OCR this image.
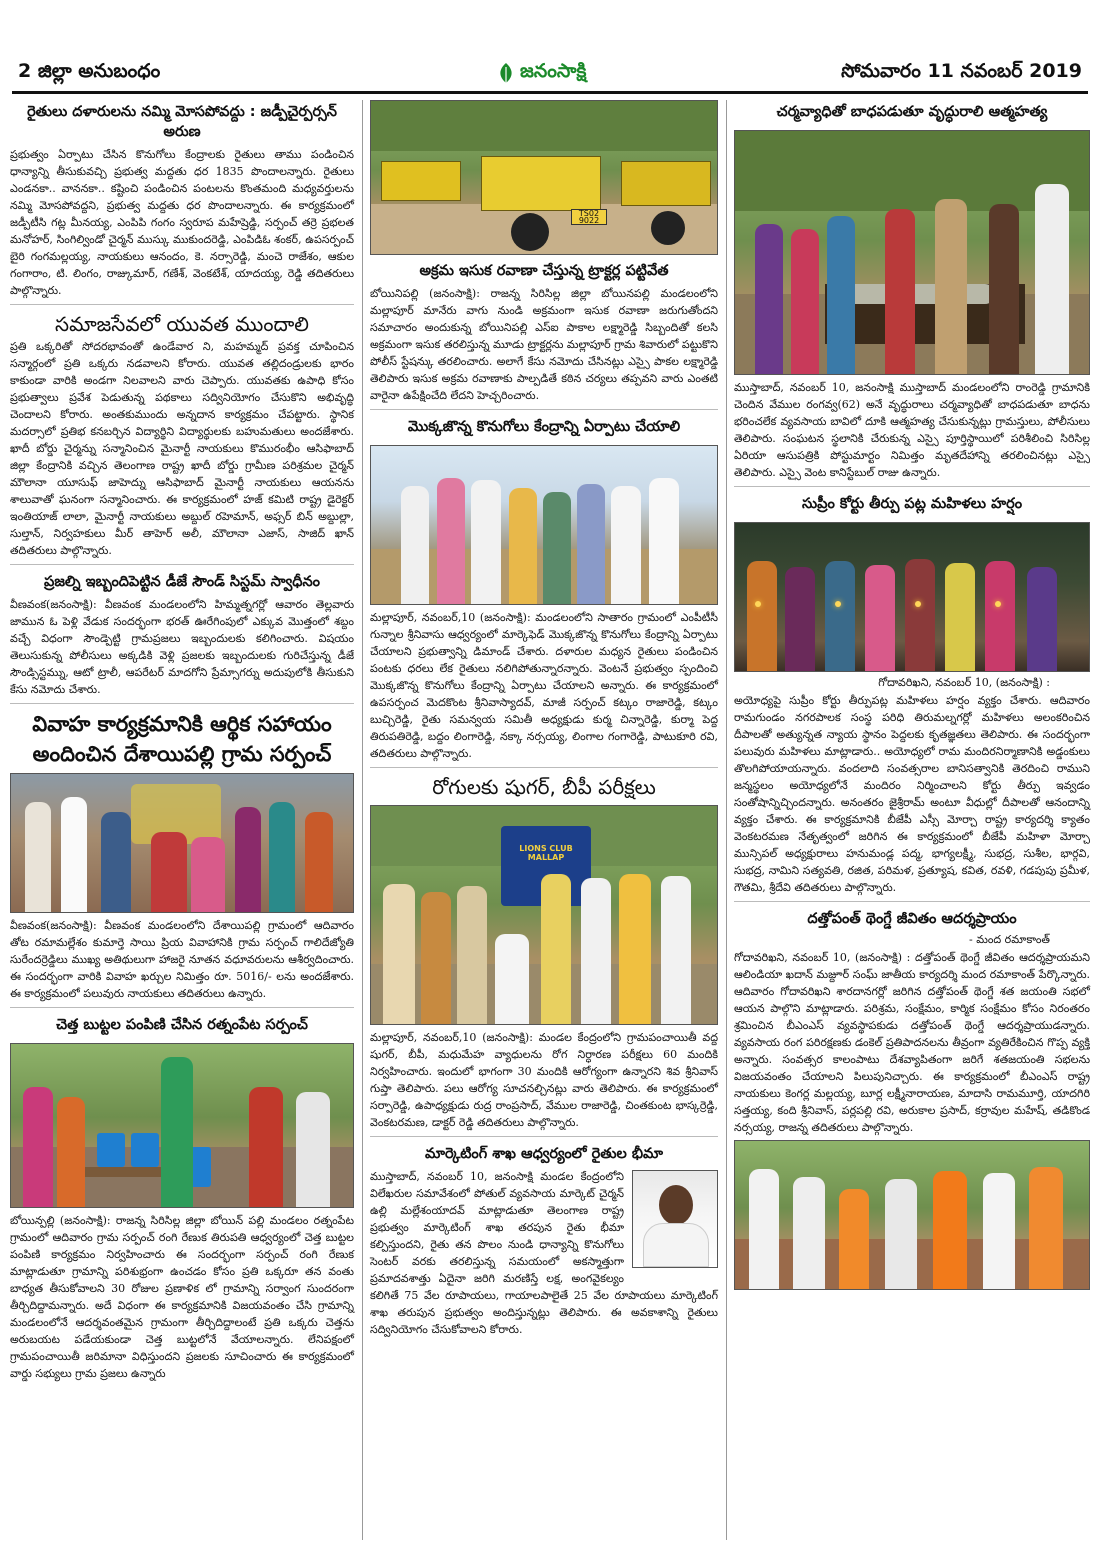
2 జిల్లా అనుబంధం	జనంసాక్షి	సోమవారం 11 నవంబర్ 2019
రైతులు దళారులను నమ్మి మోసపోవద్దు : జడ్పీచైర్పర్సన్ అరుణ
ప్రభుత్వం ఏర్పాటు చేసిన కొనుగోలు కేంద్రాలకు రైతులు తాము పండించిన ధాన్యాన్ని తీసుకువచ్చి ప్రభుత్వ మద్దతు ధర 1835 పొందాలన్నారు. రైతులు ఎండనకా.. వాననకా.. కష్టించి పండించిన పంటలను కొంతమంది మధ్యవర్తులను నమ్మి మోసపోవద్దని, ప్రభుత్వ మద్దతు ధర పొందాలన్నారు. ఈ కార్యక్రమంలో జడ్పీటీసి గట్ల మీనయ్య, ఎంపిపి గంగం స్వరూప మహేష్రెడ్డి, సర్పంచ్ తర్రె ప్రభలత మనోహర్, సింగిల్విండో చైర్మన్ ముస్కు ముకుందరెడ్డి, ఎంపిడిఓ శంకర్, ఉపసర్పంచ్ బైరి గంగమల్లయ్య, నాయకులు ఆనందం, కె. నర్సారెడ్డి, మంచె రాజేశం, ఆకుల గంగారాం, టి. లింగం, రాజ్కుమార్, గణేశ్, వెంకటేశ్, యాదయ్య, రెడ్డి తదితరులు పాల్గొన్నారు.
సమాజసేవలో యువత ముందాలి
ప్రతి ఒక్కరితో సోదరభావంతో ఉండేవార ని, మహమ్మద్ ప్రవక్త చూపించిన సన్మార్గంలో ప్రతి ఒక్కరు నడవాలని కోరారు. యువత తల్లిదండ్రులకు భారం కాకుండా వారికి అండగా నిలవాలని వారు చెప్పారు. యువతకు ఉపాధి కోసం ప్రభుత్వాలు ప్రవేశ పెడుతున్న పథకాలు సద్వినియోగం చేసుకొని అభివృద్ధి చెందాలని కోరారు. అంతకుముందు అన్నదాన కార్యక్రమం చేపట్టారు. స్థానిక మదర్సాలో ప్రతిభ కనబర్చిన విద్యార్థిని విద్యార్థులకు బహుమతులు అందజేశారు. ఖాదీ బోర్డు చైర్మన్ను సన్మానించిన మైనార్టీ నాయకులు కొమురంభీం ఆసిఫాబాద్ జిల్లా కేంద్రానికి వచ్చిన తెలంగాణ రాష్ట్ర ఖాదీ బోర్డు గ్రామీణ పరిశ్రమల చైర్మన్ మౌలానా యూసుఫ్ జాహెద్ను ఆసిఫాబాద్ మైనార్టీ నాయకులు ఆయనను శాలువాతో ఘనంగా సన్మానించారు. ఈ కార్యక్రమంలో హజ్ కమిటి రాష్ట్ర డైరెక్టర్ ఇంతియాజ్ లాలా, మైనార్టీ నాయకులు అబ్దుల్ రహెమాన్, అఫ్సర్ బిన్ అబ్దుల్లా, సుల్తాన్, నిర్వహకులు మీర్ తాహెర్ అలీ, మౌలానా ఎజాస్, సాజిద్ ఖాన్ తదితరులు పాల్గొన్నారు.
ప్రజల్ని ఇబ్బందిపెట్టిన డీజే సౌండ్ సిస్టమ్ స్వాధీనం
వీణవంక(జనంసాక్షి): వీణవంక మండలంలోని హిమ్మత్నగర్లో ఆవారం తెల్లవారు జామున ఓ పెళ్లి వేడుక సందర్భంగా భరత్ ఊరేగింపులో ఎక్కువ మొత్తంలో శబ్దం వచ్చే విధంగా సౌండ్పెట్టి గ్రామప్రజలు ఇబ్బందులకు కలిగించారు. విషయం తెలుసుకున్న పోలీసులు అక్కడికి వెళ్లి ప్రజలకు ఇబ్బందులకు గురిచేస్తున్న డీజే సౌండ్సిస్టమ్ను, ఆటో ట్రాలీ, ఆపరేటర్ మాదగోని ప్రేమ్సాగర్ను అదుపులోకి తీసుకుని కేసు నమోదు చేశారు.
వివాహ కార్యక్రమానికి ఆర్థిక సహాయం
అందించిన దేశాయిపల్లి గ్రామ సర్పంచ్
వీణవంక(జనంసాక్షి): వీణవంక మండలంలోని దేశాయిపల్లి గ్రామంలో ఆదివారం తోట రమామల్లేశం కుమార్తె సాయి ప్రియ వివాహానికి గ్రామ సర్పంచ్ గాలిదేజ్యోతి సురేందర్రెడ్డిలు ముఖ్య అతిథులుగా హాజరై నూతన వధూవరులను ఆశీర్వదించారు. ఈ సందర్భంగా వారికి వివాహ ఖర్చుల నిమిత్తం రూ. 5016/- లను అందజేశారు. ఈ కార్యక్రమంలో పలువురు నాయకులు తదితరులు ఉన్నారు.
చెత్త బుట్టల పంపిణి చేసిన రత్నంపేట సర్పంచ్
బోయిన్పల్లి (జనంసాక్షి): రాజన్న సిరిసిల్ల జిల్లా బోయిన్ పల్లి మండలం రత్నంపేట గ్రామంలో ఆదివారం గ్రామ సర్పంచ్ రంగి రేణుక తిరుపతి ఆధ్వర్యంలో చెత్త బుట్టల పంపిణి కార్యక్రమం నిర్వహించారు ఈ సందర్భంగా సర్పంచ్ రంగి రేణుక మాట్లాడుతూ గ్రామాన్ని పరిశుభ్రంగా ఉంచడం కోసం ప్రతి ఒక్కరూ తన వంతు బాధ్యత తీసుకోవాలని 30 రోజుల ప్రణాళిక లో గ్రామాన్ని సర్వాంగ సుందరంగా తీర్చిదిద్దామన్నారు. అదే విధంగా ఈ కార్యక్రమానికి విజయవంతం చేసి గ్రామాన్ని మండలంలోనే ఆదర్శవంతమైన గ్రామంగా తీర్చిదిద్దాలంటే ప్రతి ఒక్కరు చెత్తను అరుబయట పడేయకుండా చెత్త బుట్టలోనే వేయాలన్నారు. లేనిపక్షంలో గ్రామపంచాయితీ జరిమానా విధిస్తుందని ప్రజలకు సూచించారు ఈ కార్యక్రమంలో వార్డు సభ్యులు గ్రామ ప్రజలు ఉన్నారు
TS02 9022
అక్రమ ఇసుక రవాణా చేస్తున్న ట్రాక్టర్ల పట్టివేత
బోయినిపల్లి (జనంసాక్షి): రాజన్న సిరిసిల్ల జిల్లా బోయినపల్లి మండలంలోని మల్లాపూర్ మానేరు వాగు నుండి అక్రమంగా ఇసుక రవాణా జరుగుతోందని సమాచారం అందుకున్న బోయినిపల్లి ఎస్ఐ పాకాల లక్ష్మారెడ్డి సిబ్బందితో కలసి అక్రమంగా ఇసుక తరలిస్తున్న మూడు ట్రాక్టర్లను మల్లాపూర్ గ్రామ శివారులో పట్టుకొని పోలీస్ స్టేషన్కు తరలించారు. అలాగే కేసు నమోదు చేసినట్లు ఎస్సై పాకల లక్ష్మారెడ్డి తెలిపారు ఇసుక అక్రమ రవాణాకు పాల్పడితే కఠిన చర్యలు తప్పవని వారు ఎంతటి వారైనా ఉపేక్షించేది లేదని హెచ్చరించారు.
మొక్కజొన్న కొనుగోలు కేంద్రాన్ని ఏర్పాటు చేయాలి
మల్లాపూర్, నవంబర్,10 (జనంసాక్షి): మండలంలోని సాతారం గ్రామంలో ఎంపీటీసీ గున్నాల శ్రీనివాసు ఆధ్వర్యంలో మార్కెఫెడ్ మొక్కజొన్న కొనుగోలు కేంద్రాన్ని ఏర్పాటు చేయాలని ప్రభుత్వాన్ని డిమాండ్ చేశారు. దళారుల మధ్యన రైతులు పండించిన పంటకు ధరలు లేక రైతులు నలిగిపోతున్నారన్నారు. వెంటనే ప్రభుత్వం స్పందించి మొక్కజొన్న కొనుగోలు కేంద్రాన్ని ఏర్పాటు చేయాలని అన్నారు. ఈ కార్యక్రమంలో ఉపసర్పంచ మెదకొంట శ్రీనివాస్యాదవ్, మాజీ సర్పంచ్ కట్కం రాజారెడ్డి, కట్కం బుచ్చిరెడ్డి, రైతు సమన్వయ సమితీ అధ్యక్షుడు కుర్మ చిన్నారెడ్డి, కుర్మా పెద్ద తిరుపతిరెడ్డి, బద్దం లింగారెడ్డి, నక్కా నర్సయ్య, లింగాల గంగారెడ్డి, పాటుకూరి రవి, తదితరులు పాల్గొన్నారు.
రోగులకు షుగర్, బీపీ పరీక్షలు
LIONS CLUB
MALLAP
మల్లాపూర్, నవంబర్,10 (జనంసాక్షి): మండల కేంద్రంలోని గ్రామపంచాయితీ వద్ద షుగర్, బీపీ, మధుమేహ వ్యాధులను రోగ నిర్ధారణ పరీక్షలు 60 మందికి నిర్వహించారు. ఇందులో భాగంగా 30 మందికి ఆరోగ్యంగా ఉన్నారని శివ శ్రీనివాస్ గుప్తా తెలిపారు. పలు ఆరోగ్య సూచనల్చినట్లు వారు తెలిపారు. ఈ కార్యక్రమంలో సర్పారెడ్డి, ఉపాధ్యక్షుడు రుద్ర రాంప్రసాద్, వేముల రాజారెడ్డి, చింతకుంట భాస్కర్రెడ్డి, వెంకటరమణ, డాక్టర్ రెడ్డి తదితరులు పాల్గొన్నారు.
మార్కెటింగ్ శాఖ ఆధ్వర్యంలో రైతుల భీమా
ముస్తాబాద్, నవంబర్ 10, జనంసాక్షి మండల కేంద్రంలోని విలేఖరుల సమావేశంలో పోతుల్ వ్యవసాయ మార్కెట్ చైర్మన్ ఉల్లి మల్లేశంయాదవ్ మాట్లాడుతూ తెలంగాణ రాష్ట్ర ప్రభుత్వం మార్కెటింగ్ శాఖ తరపున రైతు భీమా కల్పిస్తుందని, రైతు తన పొలం నుండి ధాన్యాన్ని కొనుగోలు సెంటర్ వరకు తరలిస్తున్న సమయంలో అకస్మాత్తుగా ప్రమాదవశాత్తు ఏదైనా జరిగి మరణిస్తే లక్ష, అంగవైకల్యం కలిగితే 75 వేల రూపాయలు, గాయాలపాలైతే 25 వేల రూపాయలు మార్కెటింగ్ శాఖ తరుపున ప్రభుత్వం అందిస్తున్నట్లు తెలిపారు. ఈ అవకాశాన్ని రైతులు సద్వినియోగం చేసుకోవాలని కోరారు.
చర్మవ్యాధితో బాధపడుతూ వృద్ధురాలి ఆత్మహత్య
ముస్తాబాద్, నవంబర్ 10, జనంసాక్షి ముస్తాబాద్ మండలంలోని రాంరెడ్డి గ్రామానికి చెందిన వేముల రంగవ్వ(62) అనే వృద్ధురాలు చర్మవ్యాధితో బాధపడుతూ బాధను భరించలేక వ్యవసాయ బావిలో దూకి ఆత్మహత్య చేసుకున్నట్లు గ్రామస్తులు, పోలీసులు తెలిపారు. సంఘటన స్థలానికి చేరుకున్న ఎస్సై పూర్తిస్థాయిలో పరిశీలించి సిరిసిల్ల ఏరియా ఆసుపత్రికి పోస్టుమార్టం నిమిత్తం మృతదేహాన్ని తరలించినట్లు ఎస్సై తెలిపారు. ఎస్సై వెంట కానిస్టేబుల్ రాజు ఉన్నారు.
సుప్రీం కోర్టు తీర్పు పట్ల మహిళలు హర్షం
గోదావరిఖని, నవంబర్ 10, (జనంసాక్షి) :
అయోధ్యపై సుప్రీం కోర్టు తీర్పుపట్ల మహిళలు హర్షం వ్యక్తం చేశారు. ఆదివారం రామగుండం నగరపాలక సంస్థ పరిధి తిరుమల్నగర్లో మహిళలు అలంకరించిన దీపాలతో అత్యున్నత న్యాయ స్థానం పెద్దలకు కృతజ్ఞతలు తెలిపారు. ఈ సందర్భంగా పలువురు మహిళలు మాట్లాడారు.. అయోధ్యలో రామ మందిరనిర్మాణానికి అడ్డంకులు తొలగిపోయాయన్నారు. వందలాది సంవత్సరాల బానిసత్వానికి తెరదించి రాముని జన్మస్థలం అయోధ్యలోనే మందిరం నిర్మించాలని కోర్టు తీర్పు ఇవ్వడం సంతోషాన్నిచ్చిందన్నారు. అనంతరం జైశ్రీరామ్ అంటూ వీధుల్లో దీపాలతో ఆనందాన్ని వ్యక్తం చేశారు. ఈ కార్యక్రమానికి బీజేపీ ఎస్సీ మోర్చా రాష్ట్ర కార్యదర్శి క్యాతం వెంకటరమణ నేతృత్వంలో జరిగిన ఈ కార్యక్రమంలో బీజేపీ మహిళా మోర్చా మున్సిపల్ అధ్యక్షురాలు హనుమండ్ల పద్మ, భాగ్యలక్ష్మీ, సుభద్ర, సుశీల, భార్గవి, సుభద్ర, నామిని సత్యవతి, రజిత, పరిమళ, ప్రత్యూష, కవిత, రవళి, గడపుపు ప్రమీళ, గౌతమి, శ్రీదేవి తదితరులు పాల్గొన్నారు.
దత్తోపంత్ థెంగ్డే జీవితం ఆదర్శప్రాయం
- మంద రమాకాంత్
గోదావరిఖని, నవంబర్ 10, (జనంసాక్షి) : దత్తోపంత్ థెంగ్డే జీవితం ఆదర్శప్రాయమని ఆలిండియా ఖదాన్ మజ్దూర్ సంఘ్ జాతీయ కార్యదర్శి మంద రమాకాంత్ పేర్కొన్నారు. ఆదివారం గోదావరిఖని శారదానగర్లో జరిగిన దత్తోపంత్ థెంగ్డే శత జయంతి సభలో ఆయన పాల్గొని మాట్లాడారు. పరిశ్రమ, సంక్షేమం, కార్మిక సంక్షేమం కోసం నిరంతరం శ్రమించిన బీఎంఎస్ వ్యవస్థాపకుడు దత్తోపంత్ థెంగ్డే ఆదర్శప్రాయుడన్నారు. వ్యవసాయ రంగ పరిరక్షణకు డంకెల్ ప్రతిపాదనలను తీవ్రంగా వ్యతిరేకించిన గొప్ప వ్యక్తి అన్నారు. సంవత్సర కాలంపాటు దేశవ్యాపితంగా జరిగే శతజయంతి సభలను విజయవంతం చేయాలని పిలుపునిచ్చారు. ఈ కార్యక్రమంలో బీఎంఎస్ రాష్ట్ర నాయకులు కెంగర్ల మల్లయ్య, బూర్ల లక్ష్మీనారాయణ, మాదాసి రామమూర్తి, యాదగిరి సత్తయ్య, కంది శ్రీనివాస్, పర్లపల్లి రవి, అరుకాల ప్రసాద్, కర్రావుల మహేష్, తడికొండ నర్సయ్య, రాజన్న తదితరులు పాల్గొన్నారు.
